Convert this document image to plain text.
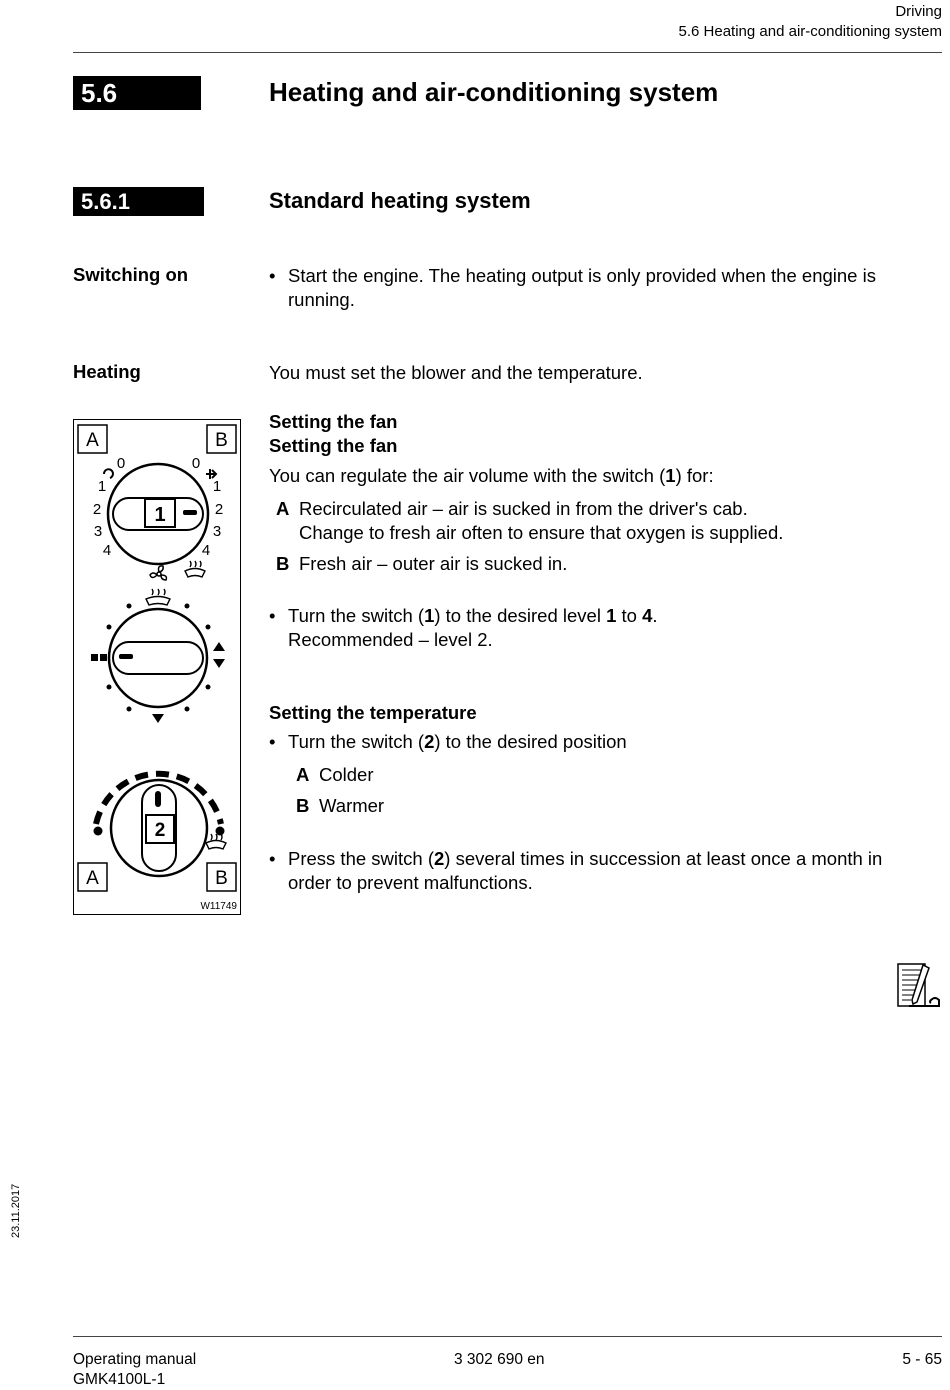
Driving
5.6 Heating and air-conditioning system
5.6	Heating and air-conditioning system
5.6.1	Standard heating system
Switching on	• Start the engine. The heating output is only provided when the engine is
running.
Heating	You must set the blower and the temperature.
A	B
0	0
1	1
2	2
3	3
4	4
1
2
A	B
W11749
Setting the fan
Setting the fan
You can regulate the air volume with the switch (1) for:
A Recirculated air – air is sucked in from the driver's cab.
Change to fresh air often to ensure that oxygen is supplied.
B Fresh air – outer air is sucked in.
• Turn the switch (1) to the desired level 1 to 4.
Recommended – level 2.
Setting the temperature
• Turn the switch (2) to the desired position
A Colder
B Warmer
• Press the switch (2) several times in succession at least once a month in
order to prevent malfunctions.
23.11.2017
Operating manual
GMK4100L-1
3 302 690 en	5 - 65
